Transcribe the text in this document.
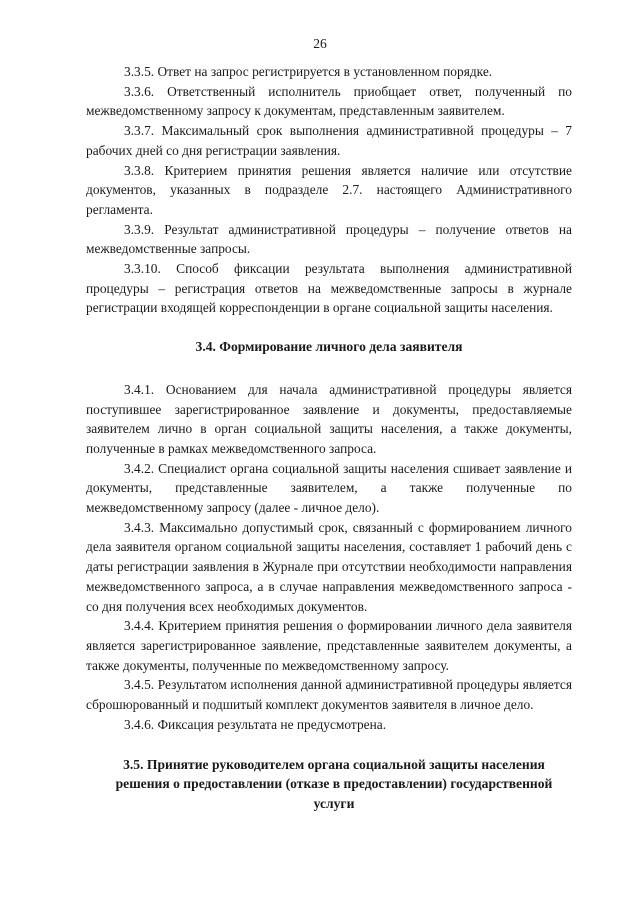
26

3.3.5. Ответ на запрос регистрируется в установленном порядке.

3.3.6. Ответственный исполнитель приобщает ответ, полученный по межведомственному запросу к документам, представленным заявителем.

3.3.7. Максимальный срок выполнения административной процедуры – 7 рабочих дней со дня регистрации заявления.

3.3.8. Критерием принятия решения является наличие или отсутствие документов, указанных в подразделе 2.7. настоящего Административного регламента.

3.3.9. Результат административной процедуры – получение ответов на межведомственные запросы.

3.3.10. Способ фиксации результата выполнения административной процедуры – регистрация ответов на межведомственные запросы в журнале регистрации входящей корреспонденции в органе социальной защиты населения.

3.4. Формирование личного дела заявителя

3.4.1. Основанием для начала административной процедуры является поступившее зарегистрированное заявление и документы, предоставляемые заявителем лично в орган социальной защиты населения, а также документы, полученные в рамках межведомственного запроса.

3.4.2. Специалист органа социальной защиты населения сшивает заявление и документы, представленные заявителем, а также полученные по межведомственному запросу (далее - личное дело).

3.4.3. Максимально допустимый срок, связанный с формированием личного дела заявителя органом социальной защиты населения, составляет 1 рабочий день с даты регистрации заявления в Журнале при отсутствии необходимости направления межведомственного запроса, а в случае направления межведомственного запроса - со дня получения всех необходимых документов.

3.4.4. Критерием принятия решения о формировании личного дела заявителя является зарегистрированное заявление, представленные заявителем документы, а также документы, полученные по межведомственному запросу.

3.4.5. Результатом исполнения данной административной процедуры является сброшюрованный и подшитый комплект документов заявителя в личное дело.

3.4.6. Фиксация результата не предусмотрена.

3.5. Принятие руководителем органа социальной защиты населения решения о предоставлении (отказе в предоставлении) государственной услуги
